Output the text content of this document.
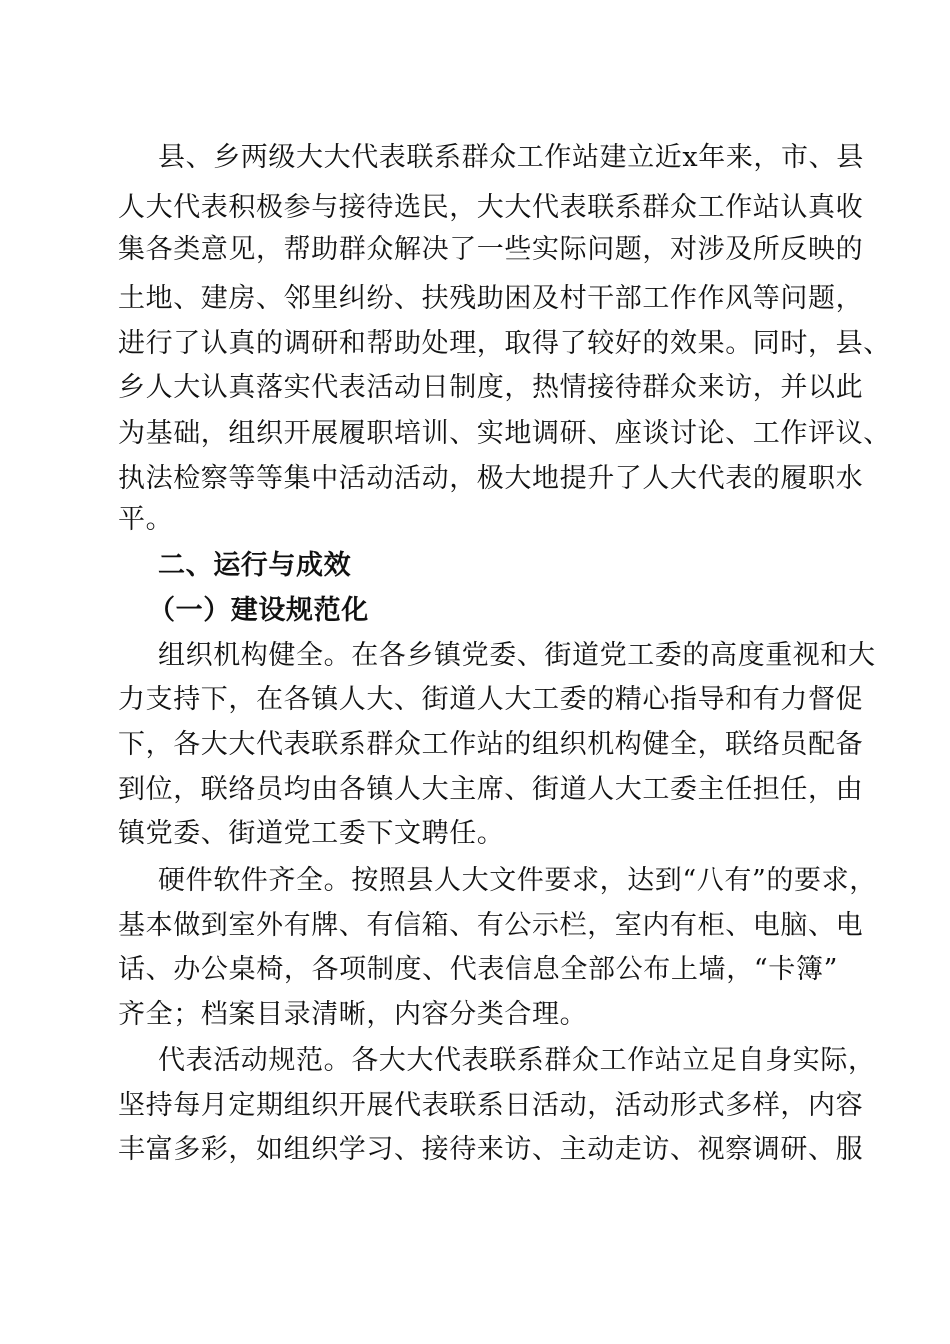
县、乡两级大大代表联系群众工作站建立近x年来，市、县
人大代表积极参与接待选民，大大代表联系群众工作站认真收
集各类意见，帮助群众解决了一些实际问题，对涉及所反映的
土地、建房、邻里纠纷、扶残助困及村干部工作作风等问题，
进行了认真的调研和帮助处理，取得了较好的效果。同时，县、
乡人大认真落实代表活动日制度，热情接待群众来访，并以此
为基础，组织开展履职培训、实地调研、座谈讨论、工作评议、
执法检察等等集中活动活动，极大地提升了人大代表的履职水
平。
二、运行与成效
（一）建设规范化
组织机构健全。在各乡镇党委、街道党工委的高度重视和大
力支持下，在各镇人大、街道人大工委的精心指导和有力督促
下，各大大代表联系群众工作站的组织机构健全，联络员配备
到位，联络员均由各镇人大主席、街道人大工委主任担任，由
镇党委、街道党工委下文聘任。
硬件软件齐全。按照县人大文件要求，达到“八有”的要求，
基本做到室外有牌、有信箱、有公示栏，室内有柜、电脑、电
话、办公桌椅，各项制度、代表信息全部公布上墙，“卡簿”
齐全；档案目录清晰，内容分类合理。
代表活动规范。各大大代表联系群众工作站立足自身实际，
坚持每月定期组织开展代表联系日活动，活动形式多样，内容
丰富多彩，如组织学习、接待来访、主动走访、视察调研、服
